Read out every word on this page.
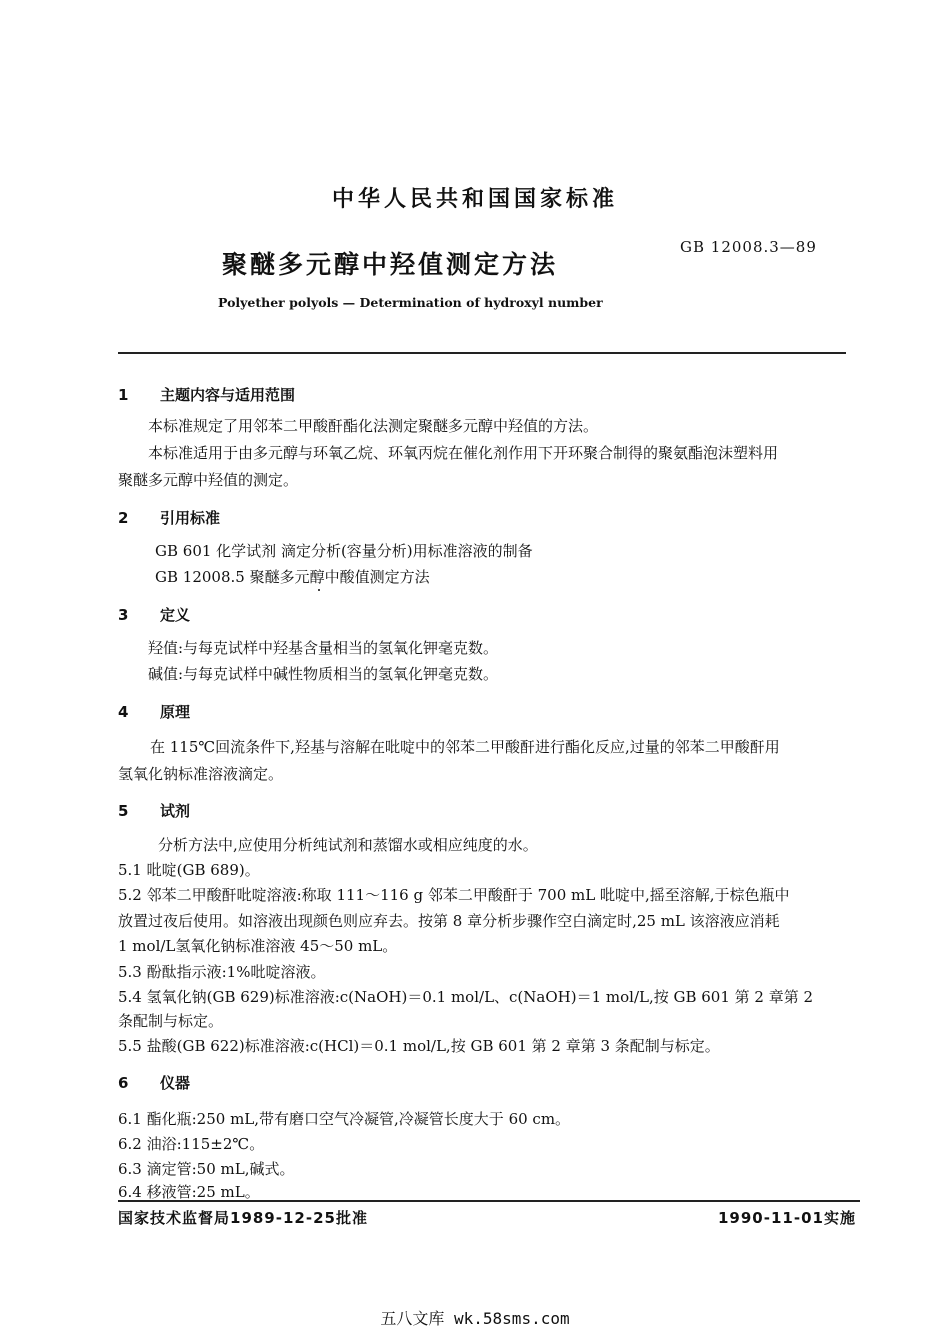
中华人民共和国国家标准
GB 12008.3—89
聚醚多元醇中羟值测定方法
Polyether polyols — Determination of hydroxyl number
1 主题内容与适用范围
本标准规定了用邻苯二甲酸酐酯化法测定聚醚多元醇中羟值的方法。
本标准适用于由多元醇与环氧乙烷、环氧丙烷在催化剂作用下开环聚合制得的聚氨酯泡沫塑料用
聚醚多元醇中羟值的测定。
2 引用标准
GB 601 化学试剂 滴定分析(容量分析)用标准溶液的制备
GB 12008.5 聚醚多元醇中酸值测定方法
3 定义
羟值:与每克试样中羟基含量相当的氢氧化钾毫克数。
碱值:与每克试样中碱性物质相当的氢氧化钾毫克数。
4 原理
在 115℃回流条件下,羟基与溶解在吡啶中的邻苯二甲酸酐进行酯化反应,过量的邻苯二甲酸酐用
氢氧化钠标准溶液滴定。
5 试剂
分析方法中,应使用分析纯试剂和蒸馏水或相应纯度的水。
5.1 吡啶(GB 689)。
5.2 邻苯二甲酸酐吡啶溶液:称取 111～116 g 邻苯二甲酸酐于 700 mL 吡啶中,摇至溶解,于棕色瓶中
放置过夜后使用。如溶液出现颜色则应弃去。按第 8 章分析步骤作空白滴定时,25 mL 该溶液应消耗
1 mol/L氢氧化钠标准溶液 45～50 mL。
5.3 酚酞指示液:1%吡啶溶液。
5.4 氢氧化钠(GB 629)标准溶液:c(NaOH)＝0.1 mol/L、c(NaOH)＝1 mol/L,按 GB 601 第 2 章第 2
条配制与标定。
5.5 盐酸(GB 622)标准溶液:c(HCl)＝0.1 mol/L,按 GB 601 第 2 章第 3 条配制与标定。
6 仪器
6.1 酯化瓶:250 mL,带有磨口空气冷凝管,冷凝管长度大于 60 cm。
6.2 油浴:115±2℃。
6.3 滴定管:50 mL,碱式。
6.4 移液管:25 mL。
国家技术监督局1989-12-25批准	1990-11-01实施
五八文库 wk.58sms.com
